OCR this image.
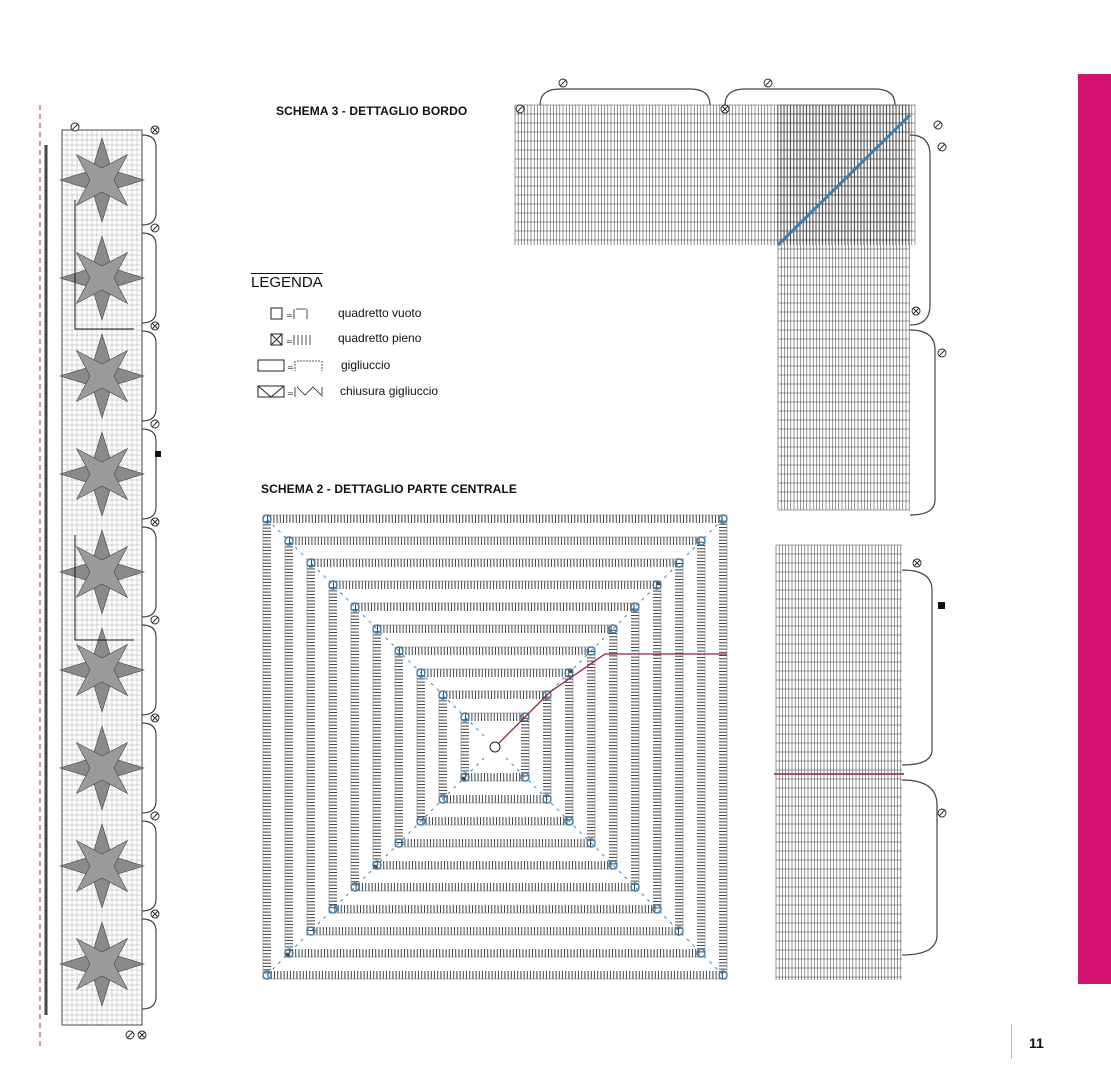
SCHEMA 3 - DETTAGLIO BORDO
LEGENDA
=	quadretto vuoto
=	quadretto pieno
=	gigliuccio
=	chiusura gigliuccio
SCHEMA 2 - DETTAGLIO PARTE CENTRALE
11
